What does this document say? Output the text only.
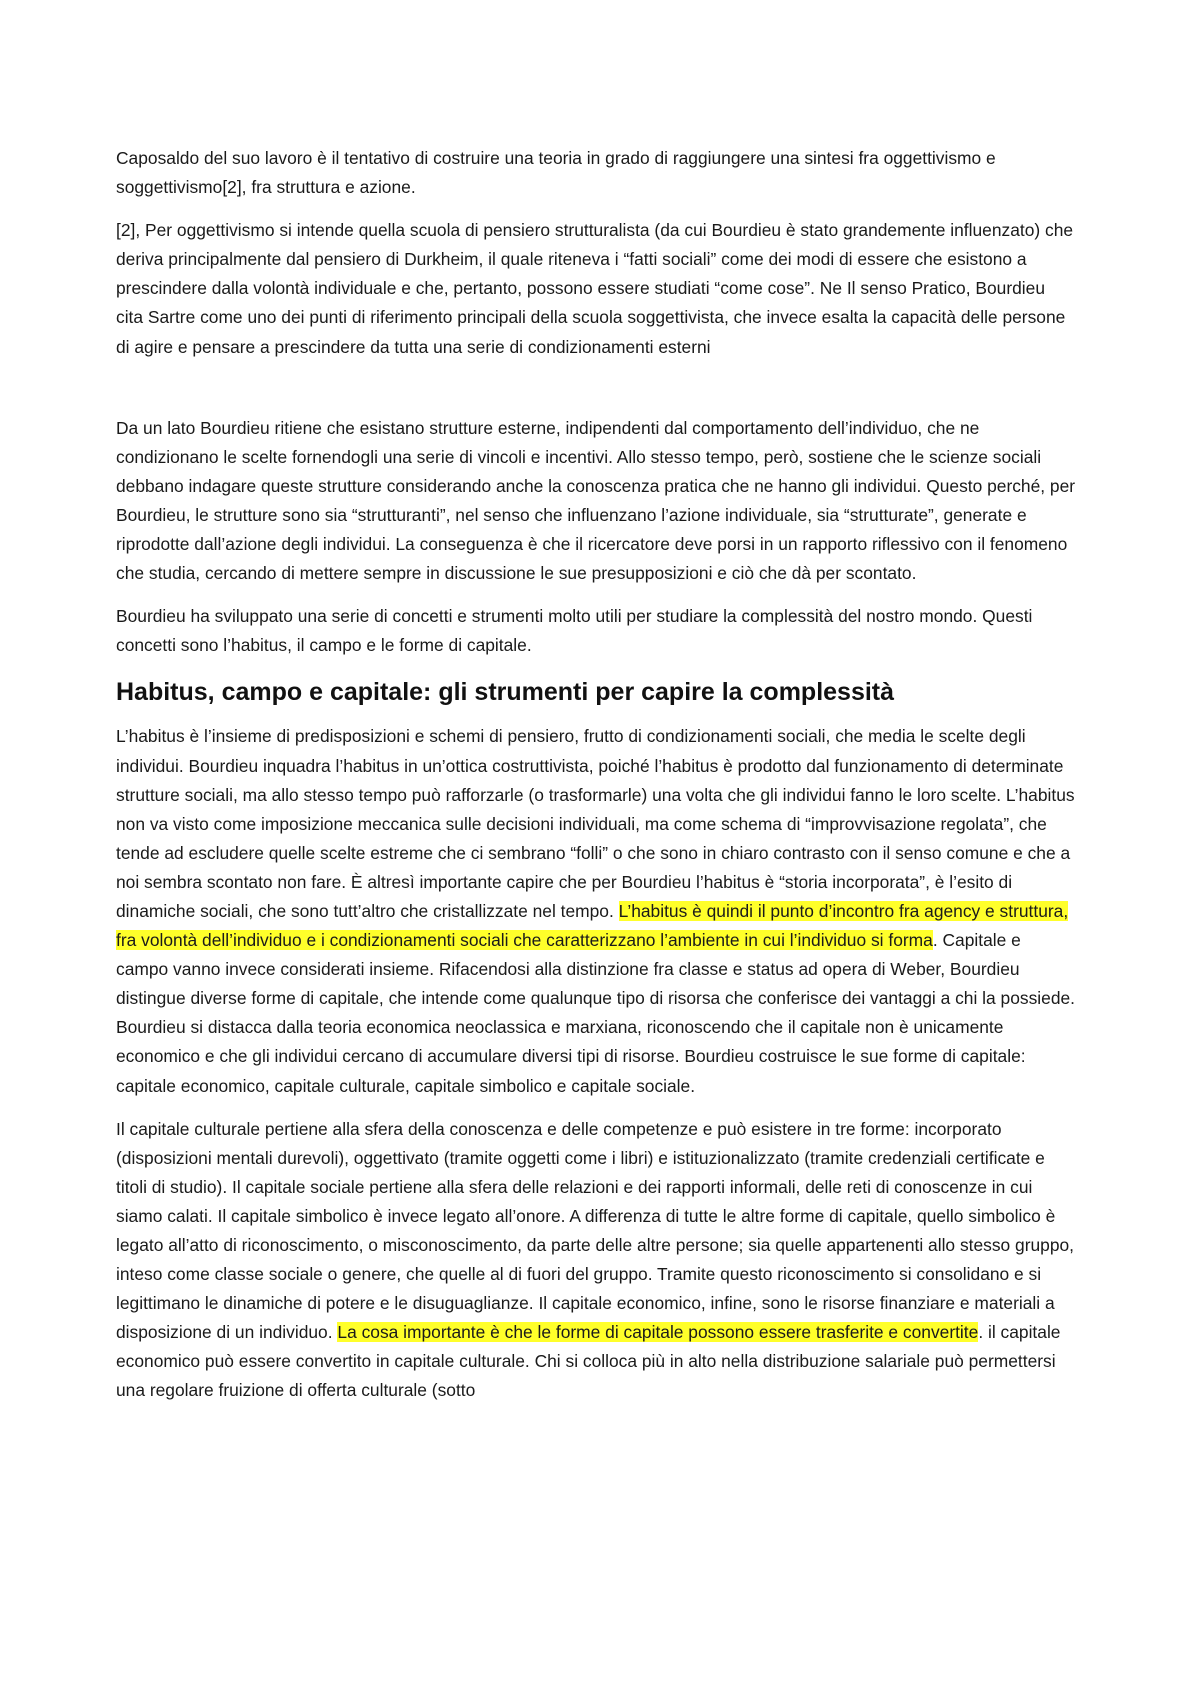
Caposaldo del suo lavoro è il tentativo di costruire una teoria in grado di raggiungere una sintesi fra oggettivismo e soggettivismo[2], fra struttura e azione.

[2], Per oggettivismo si intende quella scuola di pensiero strutturalista (da cui Bourdieu è stato grandemente influenzato) che deriva principalmente dal pensiero di Durkheim, il quale riteneva i “fatti sociali” come dei modi di essere che esistono a prescindere dalla volontà individuale e che, pertanto, possono essere studiati “come cose”. Ne Il senso Pratico, Bourdieu cita Sartre come uno dei punti di riferimento principali della scuola soggettivista, che invece esalta la capacità delle persone di agire e pensare a prescindere da tutta una serie di condizionamenti esterni

Da un lato Bourdieu ritiene che esistano strutture esterne, indipendenti dal comportamento dell’individuo, che ne condizionano le scelte fornendogli una serie di vincoli e incentivi. Allo stesso tempo, però, sostiene che le scienze sociali debbano indagare queste strutture considerando anche la conoscenza pratica che ne hanno gli individui. Questo perché, per Bourdieu, le strutture sono sia “strutturanti”, nel senso che influenzano l’azione individuale, sia “strutturate”, generate e riprodotte dall’azione degli individui. La conseguenza è che il ricercatore deve porsi in un rapporto riflessivo con il fenomeno che studia, cercando di mettere sempre in discussione le sue presupposizioni e ciò che dà per scontato.

Bourdieu ha sviluppato una serie di concetti e strumenti molto utili per studiare la complessità del nostro mondo. Questi concetti sono l’habitus, il campo e le forme di capitale.

Habitus, campo e capitale: gli strumenti per capire la complessità

L’habitus è l’insieme di predisposizioni e schemi di pensiero, frutto di condizionamenti sociali, che media le scelte degli individui. Bourdieu inquadra l’habitus in un’ottica costruttivista, poiché l’habitus è prodotto dal funzionamento di determinate strutture sociali, ma allo stesso tempo può rafforzarle (o trasformarle) una volta che gli individui fanno le loro scelte. L’habitus non va visto come imposizione meccanica sulle decisioni individuali, ma come schema di “improvvisazione regolata”, che tende ad escludere quelle scelte estreme che ci sembrano “folli” o che sono in chiaro contrasto con il senso comune e che a noi sembra scontato non fare. È altresì importante capire che per Bourdieu l’habitus è “storia incorporata”, è l’esito di dinamiche sociali, che sono tutt’altro che cristallizzate nel tempo. L’habitus è quindi il punto d’incontro fra agency e struttura, fra volontà dell’individuo e i condizionamenti sociali che caratterizzano l’ambiente in cui l’individuo si forma. Capitale e campo vanno invece considerati insieme. Rifacendosi alla distinzione fra classe e status ad opera di Weber, Bourdieu distingue diverse forme di capitale, che intende come qualunque tipo di risorsa che conferisce dei vantaggi a chi la possiede. Bourdieu si distacca dalla teoria economica neoclassica e marxiana, riconoscendo che il capitale non è unicamente economico e che gli individui cercano di accumulare diversi tipi di risorse. Bourdieu costruisce le sue forme di capitale: capitale economico, capitale culturale, capitale simbolico e capitale sociale.

Il capitale culturale pertiene alla sfera della conoscenza e delle competenze e può esistere in tre forme: incorporato (disposizioni mentali durevoli), oggettivato (tramite oggetti come i libri) e istituzionalizzato (tramite credenziali certificate e titoli di studio). Il capitale sociale pertiene alla sfera delle relazioni e dei rapporti informali, delle reti di conoscenze in cui siamo calati. Il capitale simbolico è invece legato all’onore. A differenza di tutte le altre forme di capitale, quello simbolico è legato all’atto di riconoscimento, o misconoscimento, da parte delle altre persone; sia quelle appartenenti allo stesso gruppo, inteso come classe sociale o genere, che quelle al di fuori del gruppo. Tramite questo riconoscimento si consolidano e si legittimano le dinamiche di potere e le disuguaglianze. Il capitale economico, infine, sono le risorse finanziare e materiali a disposizione di un individuo. La cosa importante è che le forme di capitale possono essere trasferite e convertite. il capitale economico può essere convertito in capitale culturale. Chi si colloca più in alto nella distribuzione salariale può permettersi una regolare fruizione di offerta culturale (sotto
